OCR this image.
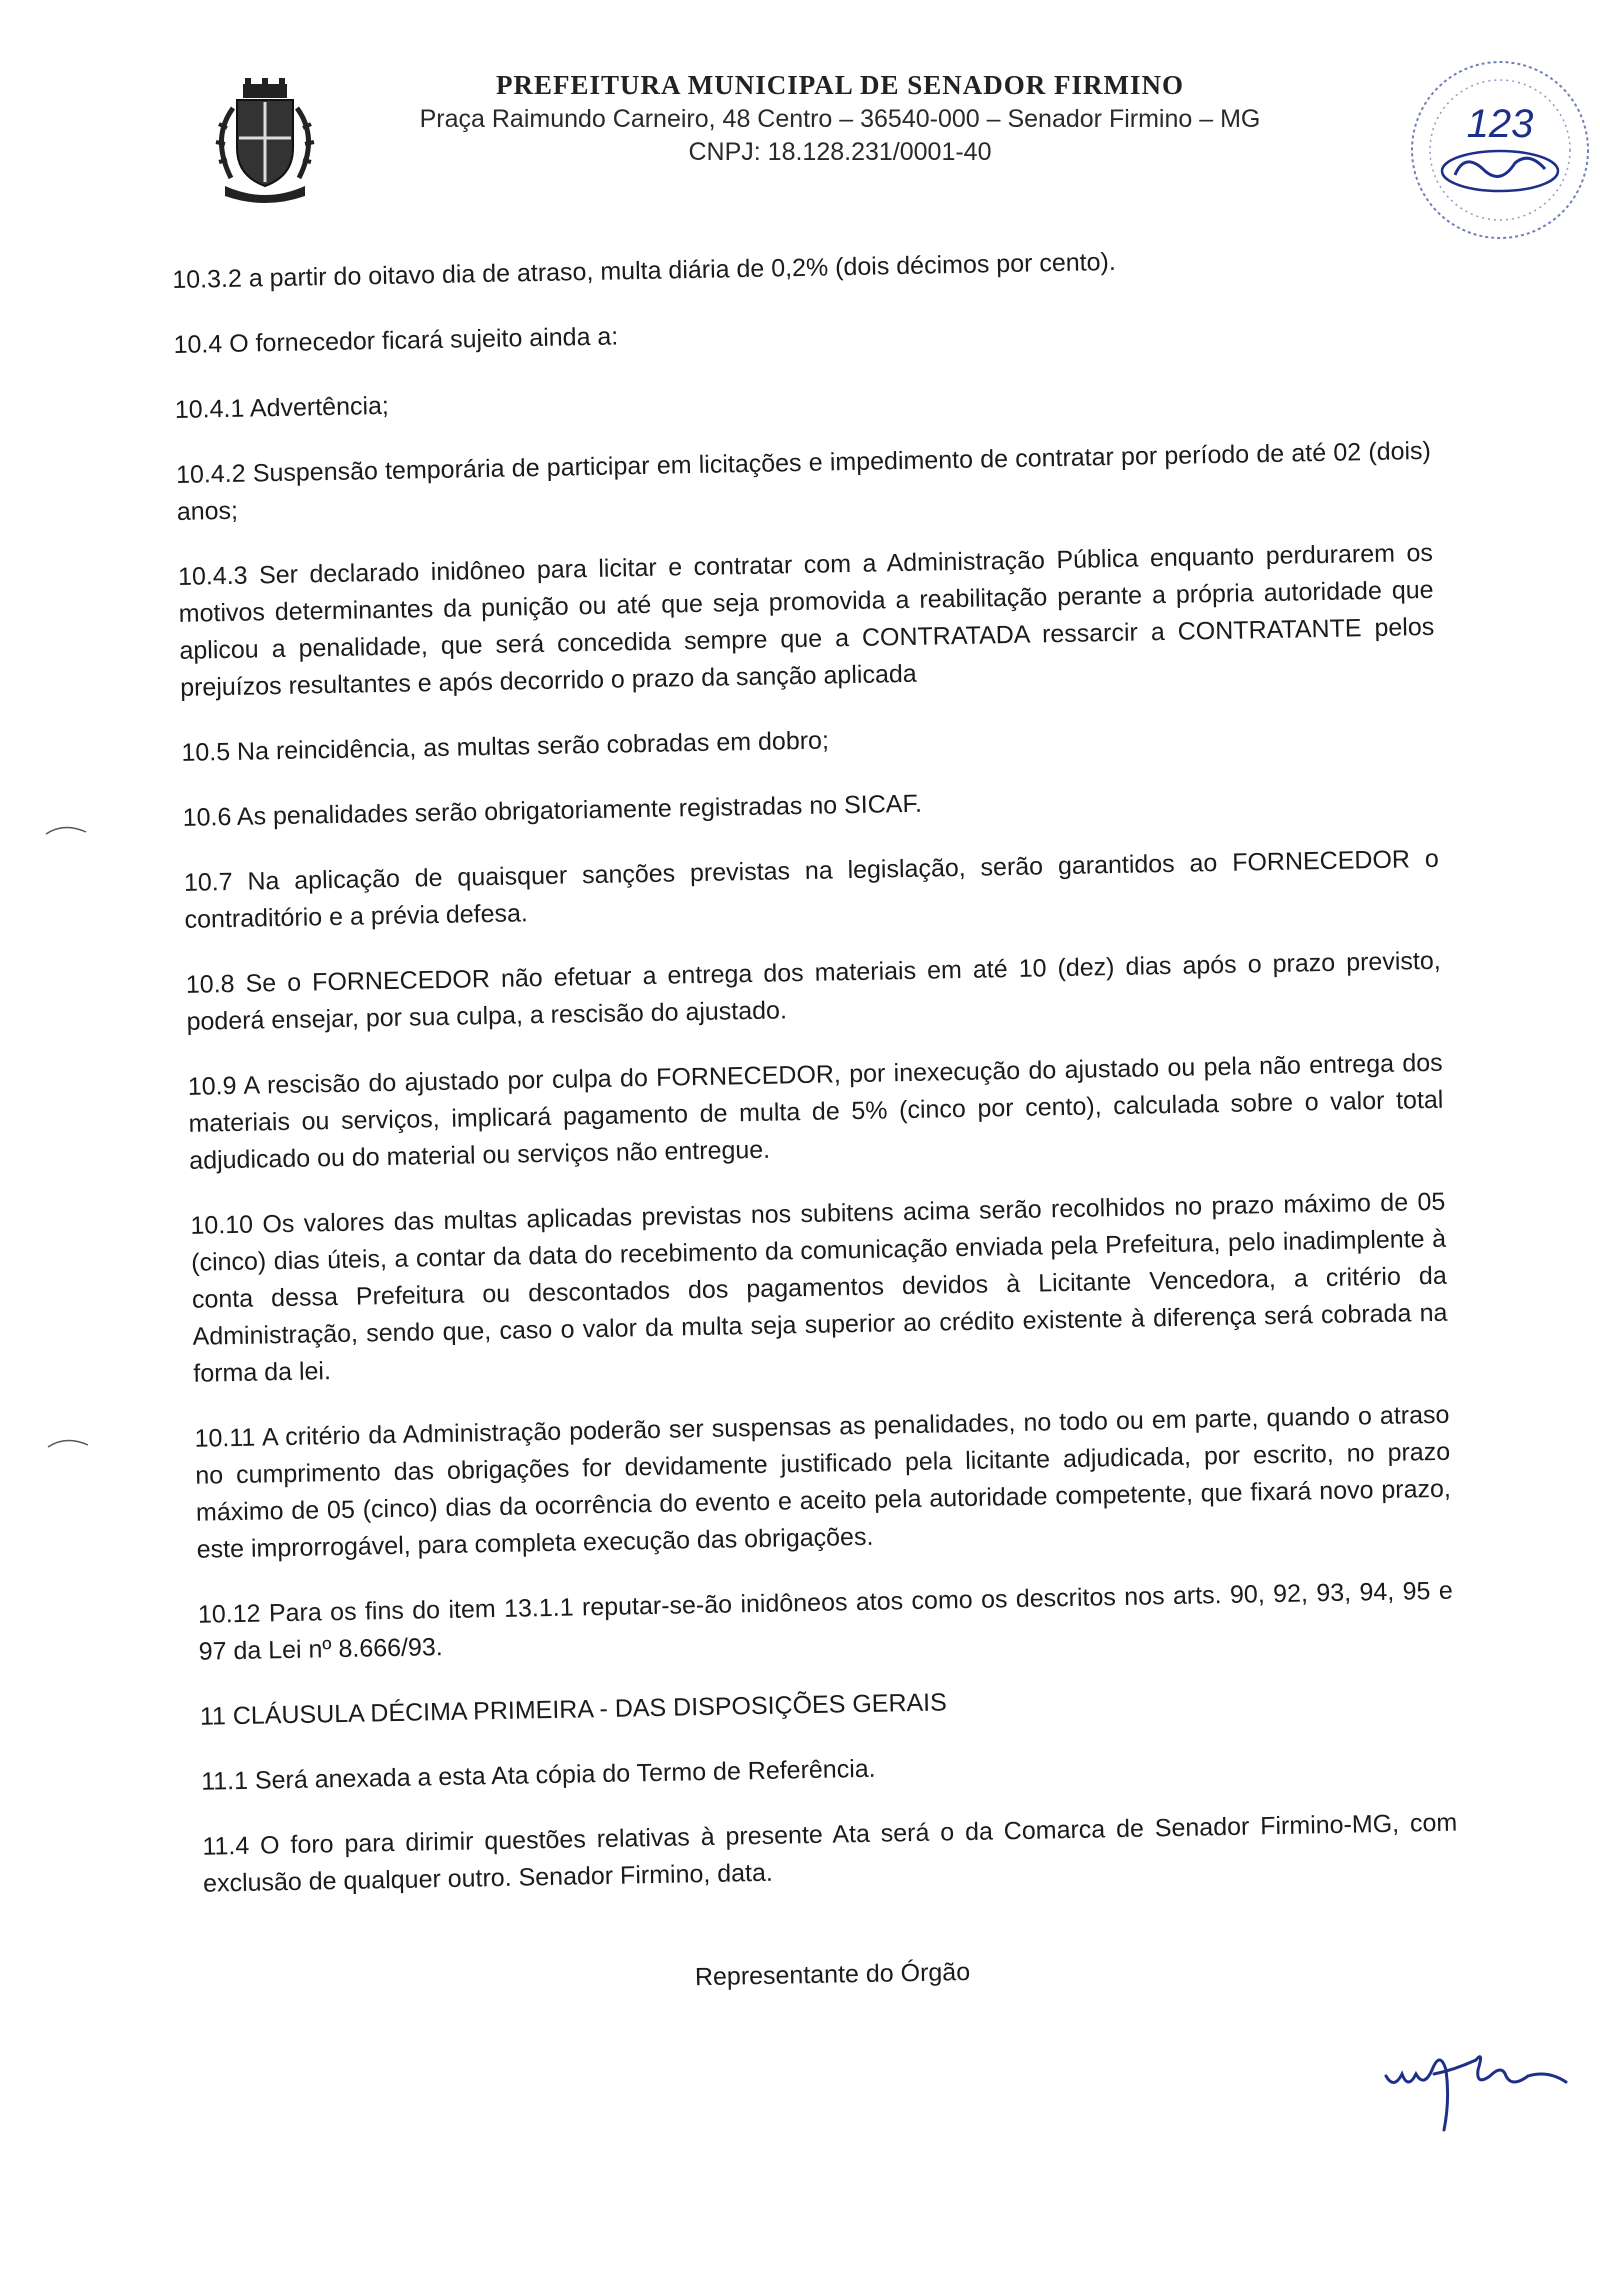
PREFEITURA MUNICIPAL DE SENADOR FIRMINO

Praça Raimundo Carneiro, 48 Centro – 36540-000 – Senador Firmino – MG

CNPJ: 18.128.231/0001-40

123

10.3.2 a partir do oitavo dia de atraso, multa diária de 0,2% (dois décimos por cento).

10.4 O fornecedor ficará sujeito ainda a:

10.4.1 Advertência;

10.4.2 Suspensão temporária de participar em licitações e impedimento de contratar por período de até 02 (dois) anos;

10.4.3 Ser declarado inidôneo para licitar e contratar com a Administração Pública enquanto perdurarem os motivos determinantes da punição ou até que seja promovida a reabilitação perante a própria autoridade que aplicou a penalidade, que será concedida sempre que a CONTRATADA ressarcir a CONTRATANTE pelos prejuízos resultantes e após decorrido o prazo da sanção aplicada

10.5 Na reincidência, as multas serão cobradas em dobro;

10.6 As penalidades serão obrigatoriamente registradas no SICAF.

10.7 Na aplicação de quaisquer sanções previstas na legislação, serão garantidos ao FORNECEDOR o contraditório e a prévia defesa.

10.8 Se o FORNECEDOR não efetuar a entrega dos materiais em até 10 (dez) dias após o prazo previsto, poderá ensejar, por sua culpa, a rescisão do ajustado.

10.9 A rescisão do ajustado por culpa do FORNECEDOR, por inexecução do ajustado ou pela não entrega dos materiais ou serviços, implicará pagamento de multa de 5% (cinco por cento), calculada sobre o valor total adjudicado ou do material ou serviços não entregue.

10.10 Os valores das multas aplicadas previstas nos subitens acima serão recolhidos no prazo máximo de 05 (cinco) dias úteis, a contar da data do recebimento da comunicação enviada pela Prefeitura, pelo inadimplente à conta dessa Prefeitura ou descontados dos pagamentos devidos à Licitante Vencedora, a critério da Administração, sendo que, caso o valor da multa seja superior ao crédito existente à diferença será cobrada na forma da lei.

10.11 A critério da Administração poderão ser suspensas as penalidades, no todo ou em parte, quando o atraso no cumprimento das obrigações for devidamente justificado pela licitante adjudicada, por escrito, no prazo máximo de 05 (cinco) dias da ocorrência do evento e aceito pela autoridade competente, que fixará novo prazo, este improrrogável, para completa execução das obrigações.

10.12 Para os fins do item 13.1.1 reputar-se-ão inidôneos atos como os descritos nos arts. 90, 92, 93, 94, 95 e 97 da Lei nº 8.666/93.

11 CLÁUSULA DÉCIMA PRIMEIRA - DAS DISPOSIÇÕES GERAIS

11.1 Será anexada a esta Ata cópia do Termo de Referência.

11.4 O foro para dirimir questões relativas à presente Ata será o da Comarca de Senador Firmino-MG, com exclusão de qualquer outro. Senador Firmino, data.

Representante do Órgão
